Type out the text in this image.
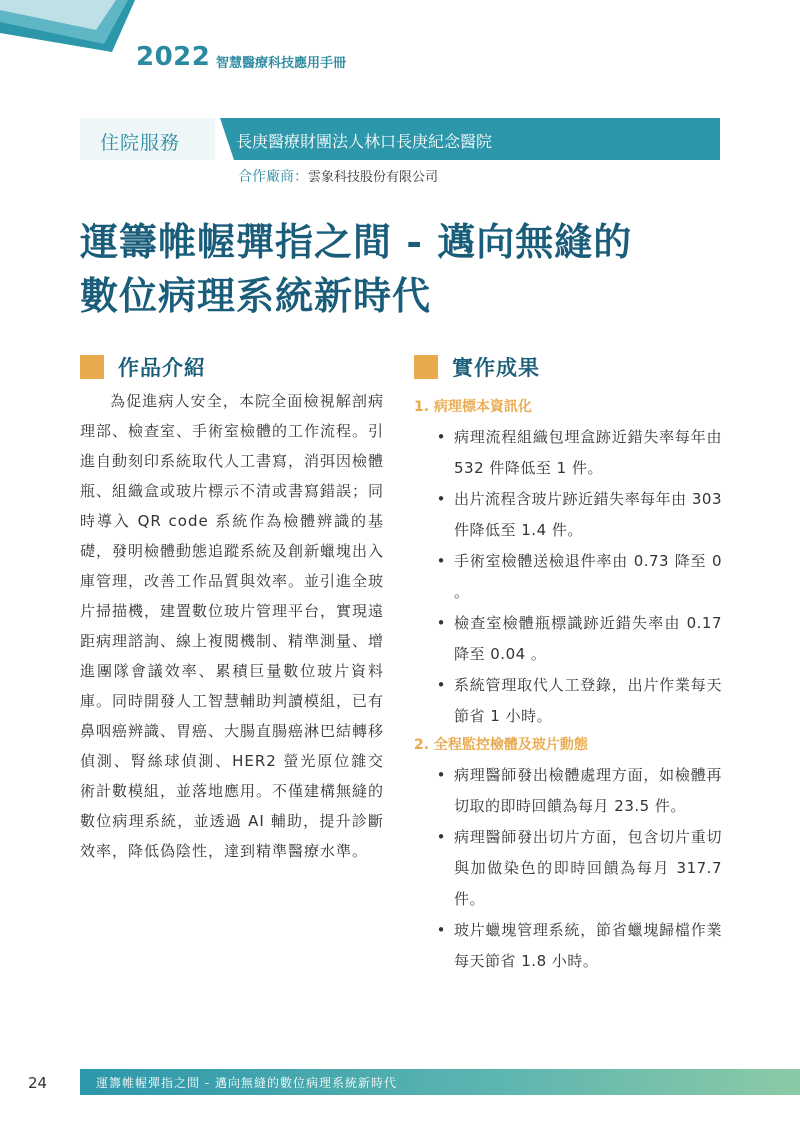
2022 智慧醫療科技應用手冊
住院服務	長庚醫療財團法人林口長庚紀念醫院
合作廠商：雲象科技股份有限公司
運籌帷幄彈指之間 - 邁向無縫的
數位病理系統新時代
作品介紹
為促進病人安全，本院全面檢視解剖病理部、檢查室、手術室檢體的工作流程。引進自動刻印系統取代人工書寫，消弭因檢體瓶、組織盒或玻片標示不清或書寫錯誤；同時導入 QR code 系統作為檢體辨識的基礎，發明檢體動態追蹤系統及創新蠟塊出入庫管理，改善工作品質與效率。並引進全玻片掃描機，建置數位玻片管理平台，實現遠距病理諮詢、線上複閱機制、精準測量、增進團隊會議效率、累積巨量數位玻片資料庫。同時開發人工智慧輔助判讀模組，已有鼻咽癌辨識、胃癌、大腸直腸癌淋巴結轉移偵測、腎絲球偵測、HER2 螢光原位雜交術計數模組，並落地應用。不僅建構無縫的數位病理系統，並透過 AI 輔助，提升診斷效率，降低偽陰性，達到精準醫療水準。
實作成果
1. 病理標本資訊化
• 病理流程組織包埋盒跡近錯失率每年由 532 件降低至 1 件。
• 出片流程含玻片跡近錯失率每年由 303 件降低至 1.4 件。
• 手術室檢體送檢退件率由 0.73 降至 0 。
• 檢查室檢體瓶標識跡近錯失率由 0.17 降至 0.04 。
• 系統管理取代人工登錄，出片作業每天節省 1 小時。
2. 全程監控檢體及玻片動態
• 病理醫師發出檢體處理方面，如檢體再切取的即時回饋為每月 23.5 件。
• 病理醫師發出切片方面，包含切片重切與加做染色的即時回饋為每月 317.7 件。
• 玻片蠟塊管理系統，節省蠟塊歸檔作業每天節省 1.8 小時。
24	運籌帷幄彈指之間 - 邁向無縫的數位病理系統新時代
